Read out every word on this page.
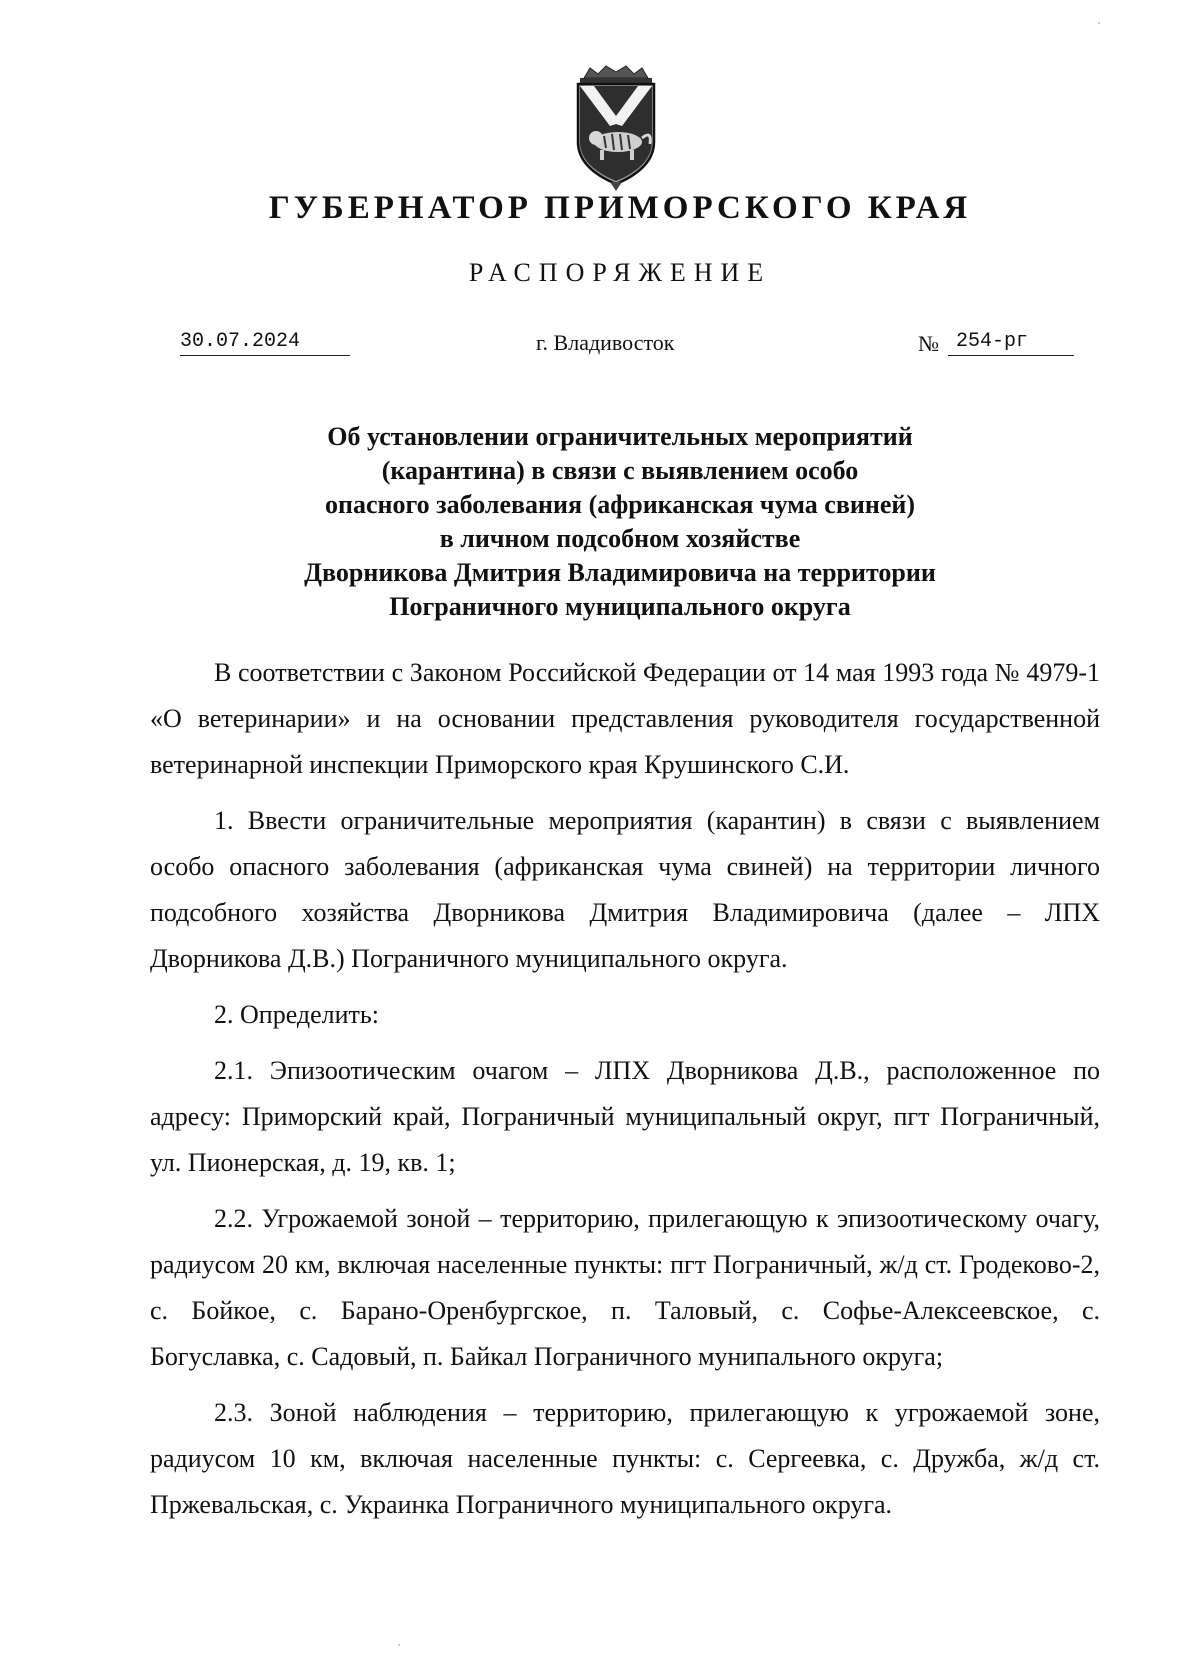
ГУБЕРНАТОР ПРИМОРСКОГО КРАЯ
РАСПОРЯЖЕНИЕ
30.07.2024	г. Владивосток	№ 254-рг
Об установлении ограничительных мероприятий
(карантина) в связи с выявлением особо
опасного заболевания (африканская чума свиней)
в личном подсобном хозяйстве
Дворникова Дмитрия Владимировича на территории
Пограничного муниципального округа

В соответствии с Законом Российской Федерации от 14 мая 1993 года № 4979-1 «О ветеринарии» и на основании представления руководителя государственной ветеринарной инспекции Приморского края Крушинского С.И.

1. Ввести ограничительные мероприятия (карантин) в связи с выявлением особо опасного заболевания (африканская чума свиней) на территории личного подсобного хозяйства Дворникова Дмитрия Владимировича (далее – ЛПХ Дворникова Д.В.) Пограничного муниципального округа.

2. Определить:

2.1. Эпизоотическим очагом – ЛПХ Дворникова Д.В., расположенное по адресу: Приморский край, Пограничный муниципальный округ, пгт Пограничный, ул. Пионерская, д. 19, кв. 1;

2.2. Угрожаемой зоной – территорию, прилегающую к эпизоотическому очагу, радиусом 20 км, включая населенные пункты: пгт Пограничный, ж/д ст. Гродеково-2, с. Бойкое, с. Барано-Оренбургское, п. Таловый, с. Софье-Алексеевское, с. Богуславка, с. Садовый, п. Байкал Пограничного мунипального округа;

2.3. Зоной наблюдения – территорию, прилегающую к угрожаемой зоне, радиусом 10 км, включая населенные пункты: с. Сергеевка, с. Дружба, ж/д ст. Пржевальская, с. Украинка Пограничного муниципального округа.
